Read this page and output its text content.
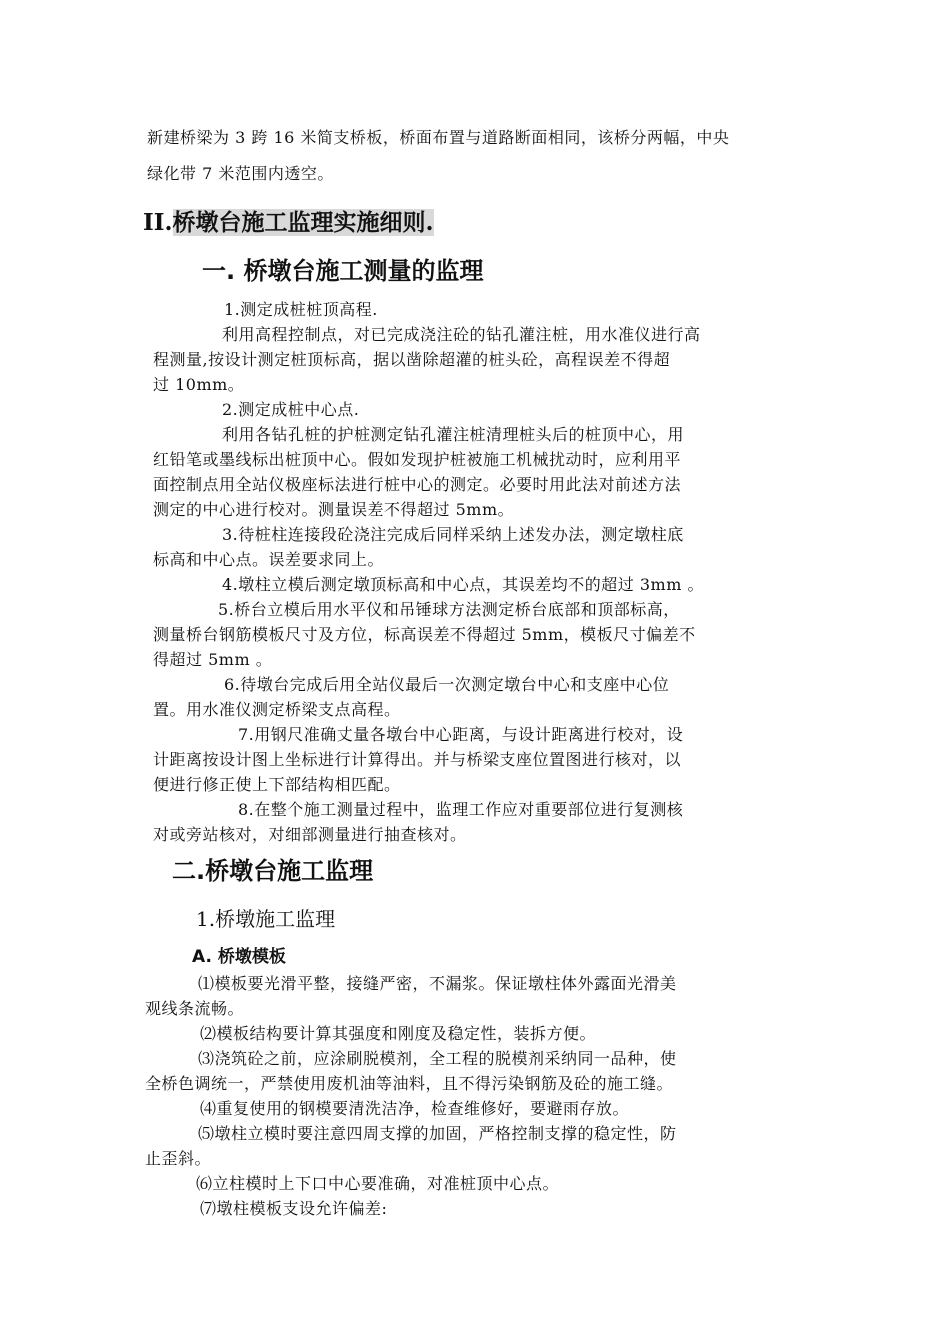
新建桥梁为 3 跨 16 米简支桥板，桥面布置与道路断面相同，该桥分两幅，中央
绿化带 7 米范围内透空。
II.桥墩台施工监理实施细则.
一. 桥墩台施工测量的监理
1.测定成桩桩顶高程.
利用高程控制点，对已完成浇注砼的钻孔灌注桩，用水准仪进行高
程测量,按设计测定桩顶标高，据以凿除超灌的桩头砼，高程误差不得超
过 10mm。
2.测定成桩中心点.
利用各钻孔桩的护桩测定钻孔灌注桩清理桩头后的桩顶中心，用
红铅笔或墨线标出桩顶中心。假如发现护桩被施工机械扰动时，应利用平
面控制点用全站仪极座标法进行桩中心的测定。必要时用此法对前述方法
测定的中心进行校对。测量误差不得超过 5mm。
3.待桩柱连接段砼浇注完成后同样采纳上述发办法，测定墩柱底
标高和中心点。误差要求同上。
4.墩柱立模后测定墩顶标高和中心点，其误差均不的超过 3mm 。
5.桥台立模后用水平仪和吊锤球方法测定桥台底部和顶部标高，
测量桥台钢筋模板尺寸及方位，标高误差不得超过 5mm，模板尺寸偏差不
得超过 5mm 。
6.待墩台完成后用全站仪最后一次测定墩台中心和支座中心位
置。用水准仪测定桥梁支点高程。
7.用钢尺准确丈量各墩台中心距离，与设计距离进行校对，设
计距离按设计图上坐标进行计算得出。并与桥梁支座位置图进行核对，以
便进行修正使上下部结构相匹配。
8.在整个施工测量过程中，监理工作应对重要部位进行复测核
对或旁站核对，对细部测量进行抽查核对。
二.桥墩台施工监理
1.桥墩施工监理
A. 桥墩模板
⑴模板要光滑平整，接缝严密，不漏浆。保证墩柱体外露面光滑美
观线条流畅。
⑵模板结构要计算其强度和刚度及稳定性，装拆方便。
⑶浇筑砼之前，应涂刷脱模剂，全工程的脱模剂采纳同一品种，使
全桥色调统一，严禁使用废机油等油料，且不得污染钢筋及砼的施工缝。
⑷重复使用的钢模要清洗洁净，检查维修好，要避雨存放。
⑸墩柱立模时要注意四周支撑的加固，严格控制支撑的稳定性，防
止歪斜。
⑹立柱模时上下口中心要准确，对准桩顶中心点。
⑺墩柱模板支设允许偏差:
